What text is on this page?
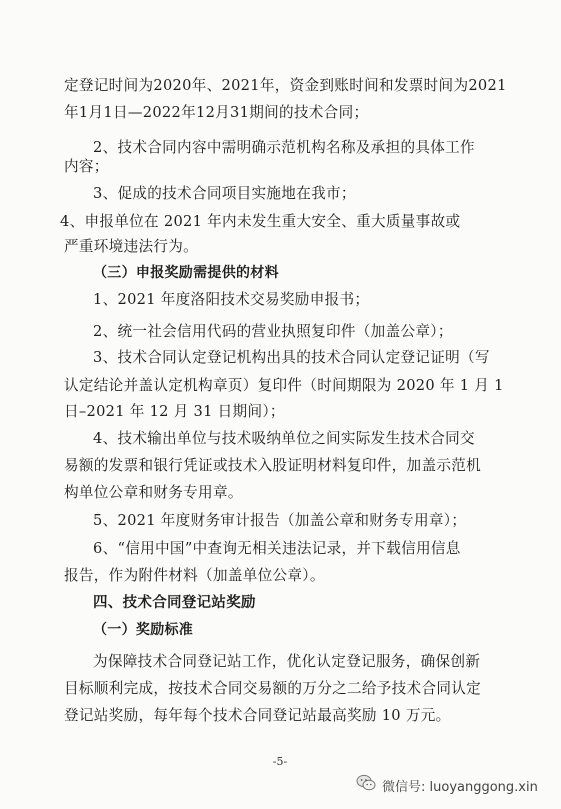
定登记时间为2020年、2021年，资金到账时间和发票时间为2021
年1月1日—2022年12月31期间的技术合同；
2、技术合同内容中需明确示范机构名称及承担的具体工作
内容；
3、促成的技术合同项目实施地在我市；
4、申报单位在 2021 年内未发生重大安全、重大质量事故或
严重环境违法行为。
（三）申报奖励需提供的材料
1、2021 年度洛阳技术交易奖励申报书；
2、统一社会信用代码的营业执照复印件（加盖公章）；
3、技术合同认定登记机构出具的技术合同认定登记证明（写
认定结论并盖认定机构章页）复印件（时间期限为 2020 年 1 月 1
日–2021 年 12 月 31 日期间）；
4、技术输出单位与技术吸纳单位之间实际发生技术合同交
易额的发票和银行凭证或技术入股证明材料复印件，加盖示范机
构单位公章和财务专用章。
5、2021 年度财务审计报告（加盖公章和财务专用章）；
6、“信用中国”中查询无相关违法记录，并下载信用信息
报告，作为附件材料（加盖单位公章）。
四、技术合同登记站奖励
（一）奖励标准
为保障技术合同登记站工作，优化认定登记服务，确保创新
目标顺利完成，按技术合同交易额的万分之二给予技术合同认定
登记站奖励，每年每个技术合同登记站最高奖励 10 万元。
-5-
微信号: luoyanggong.xin
